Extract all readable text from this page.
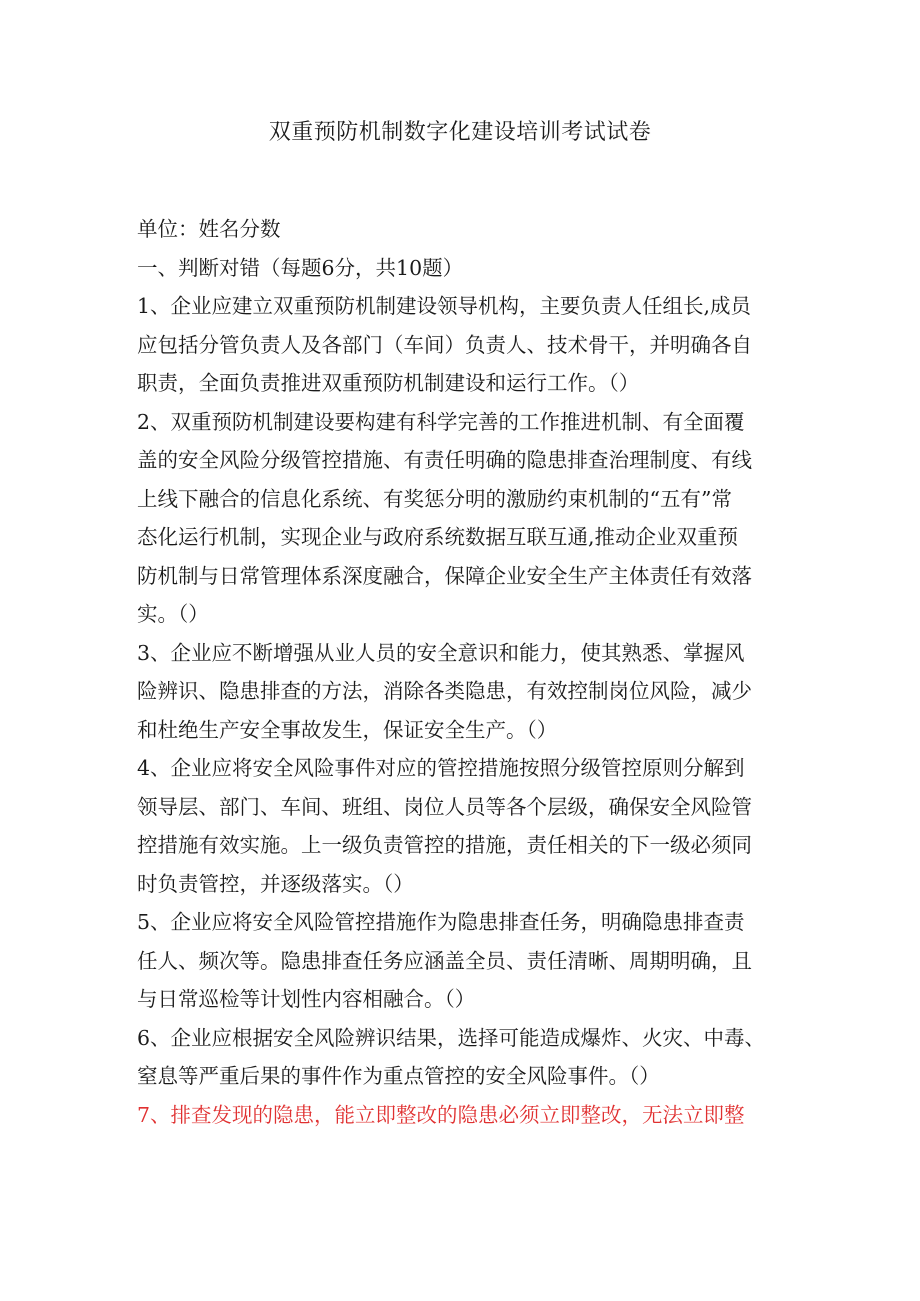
双重预防机制数字化建设培训考试试卷
单位：姓名分数
一、判断对错（每题6分，共10题）
1、企业应建立双重预防机制建设领导机构，主要负责人任组长,成员
应包括分管负责人及各部门（车间）负责人、技术骨干，并明确各自
职责，全面负责推进双重预防机制建设和运行工作。（）
2、双重预防机制建设要构建有科学完善的工作推进机制、有全面覆
盖的安全风险分级管控措施、有责任明确的隐患排查治理制度、有线
上线下融合的信息化系统、有奖惩分明的激励约束机制的“五有”常
态化运行机制，实现企业与政府系统数据互联互通,推动企业双重预
防机制与日常管理体系深度融合，保障企业安全生产主体责任有效落
实。（）
3、企业应不断增强从业人员的安全意识和能力，使其熟悉、掌握风
险辨识、隐患排查的方法，消除各类隐患，有效控制岗位风险，减少
和杜绝生产安全事故发生，保证安全生产。（）
4、企业应将安全风险事件对应的管控措施按照分级管控原则分解到
领导层、部门、车间、班组、岗位人员等各个层级，确保安全风险管
控措施有效实施。上一级负责管控的措施，责任相关的下一级必须同
时负责管控，并逐级落实。（）
5、企业应将安全风险管控措施作为隐患排查任务，明确隐患排查责
任人、频次等。隐患排查任务应涵盖全员、责任清晰、周期明确，且
与日常巡检等计划性内容相融合。（）
6、企业应根据安全风险辨识结果，选择可能造成爆炸、火灾、中毒、
窒息等严重后果的事件作为重点管控的安全风险事件。（）
7、排查发现的隐患，能立即整改的隐患必须立即整改，无法立即整
